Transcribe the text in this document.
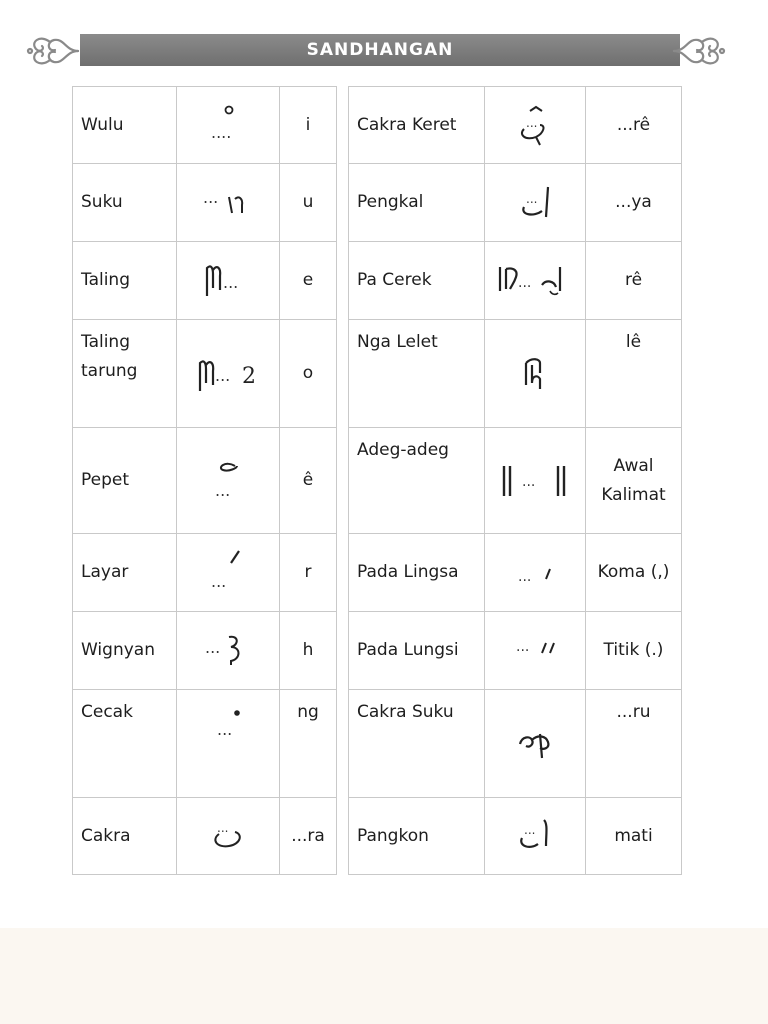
SANDHANGAN
Wulu	....	i
Suku	...	u
Taling	...	e
Taling tarung	... 2	o
Pepet	...	ê
Layar	...	r
Wignyan	...	h
Cecak	...	ng
Cakra	...	...ra
Cakra Keret	...	...rê
Pengkal	...	...ya
Pa Cerek	...	rê
Nga Lelet		lê
Adeg-adeg	...	Awal Kalimat
Pada Lingsa	...	Koma (,)
Pada Lungsi	...	Titik (.)
Cakra Suku		...ru
Pangkon	...	mati
